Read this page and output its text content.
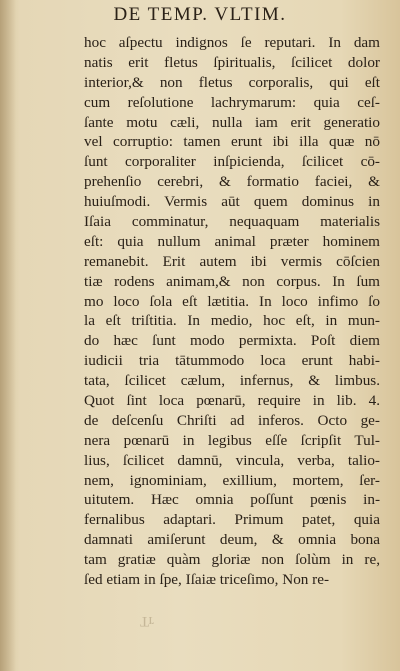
DE TEMP. VLTIM.
hoc aſpectu indignos ſe reputari. In dam
natis erit fletus ſpiritualis, ſcilicet dolor
interior,& non fletus corporalis, qui eſt
cum reſolutione lachrymarum: quia ceſ-
ſante motu cæli, nulla iam erit generatio
vel corruptio: tamen erunt ibi illa quæ nō
ſunt corporaliter inſpicienda, ſcilicet cō-
prehenſio cerebri, & formatio faciei, &
huiuſmodi. Vermis aūt quem dominus in
Iſaia comminatur, nequaquam materialis
eſt: quia nullum animal præter hominem
remanebit. Erit autem ibi vermis cōſcien
tiæ rodens animam,& non corpus. In ſum
mo loco ſola eſt lætitia. In loco infimo ſo
la eſt triſtitia. In medio, hoc eſt, in mun-
do hæc ſunt modo permixta. Poſt diem
iudicii tria tātummodo loca erunt habi-
tata, ſcilicet cælum, infernus, & limbus.
Quot ſint loca pœnarū, require in lib. 4.
de deſcenſu Chriſti ad inferos. Octo ge-
nera pœnarū in legibus eſſe ſcripſit Tul-
lius, ſcilicet damnū, vincula, verba, talio-
nem, ignominiam, exillium, mortem, ſer-
uitutem. Hæc omnia poſſunt pœnis in-
fernalibus adaptari. Primum patet, quia
damnati amiſerunt deum, & omnia bona
tam gratiæ quàm gloriæ non ſolùm in re,
ſed etiam in ſpe, Iſaiæ triceſimo, Non re-
Tr
